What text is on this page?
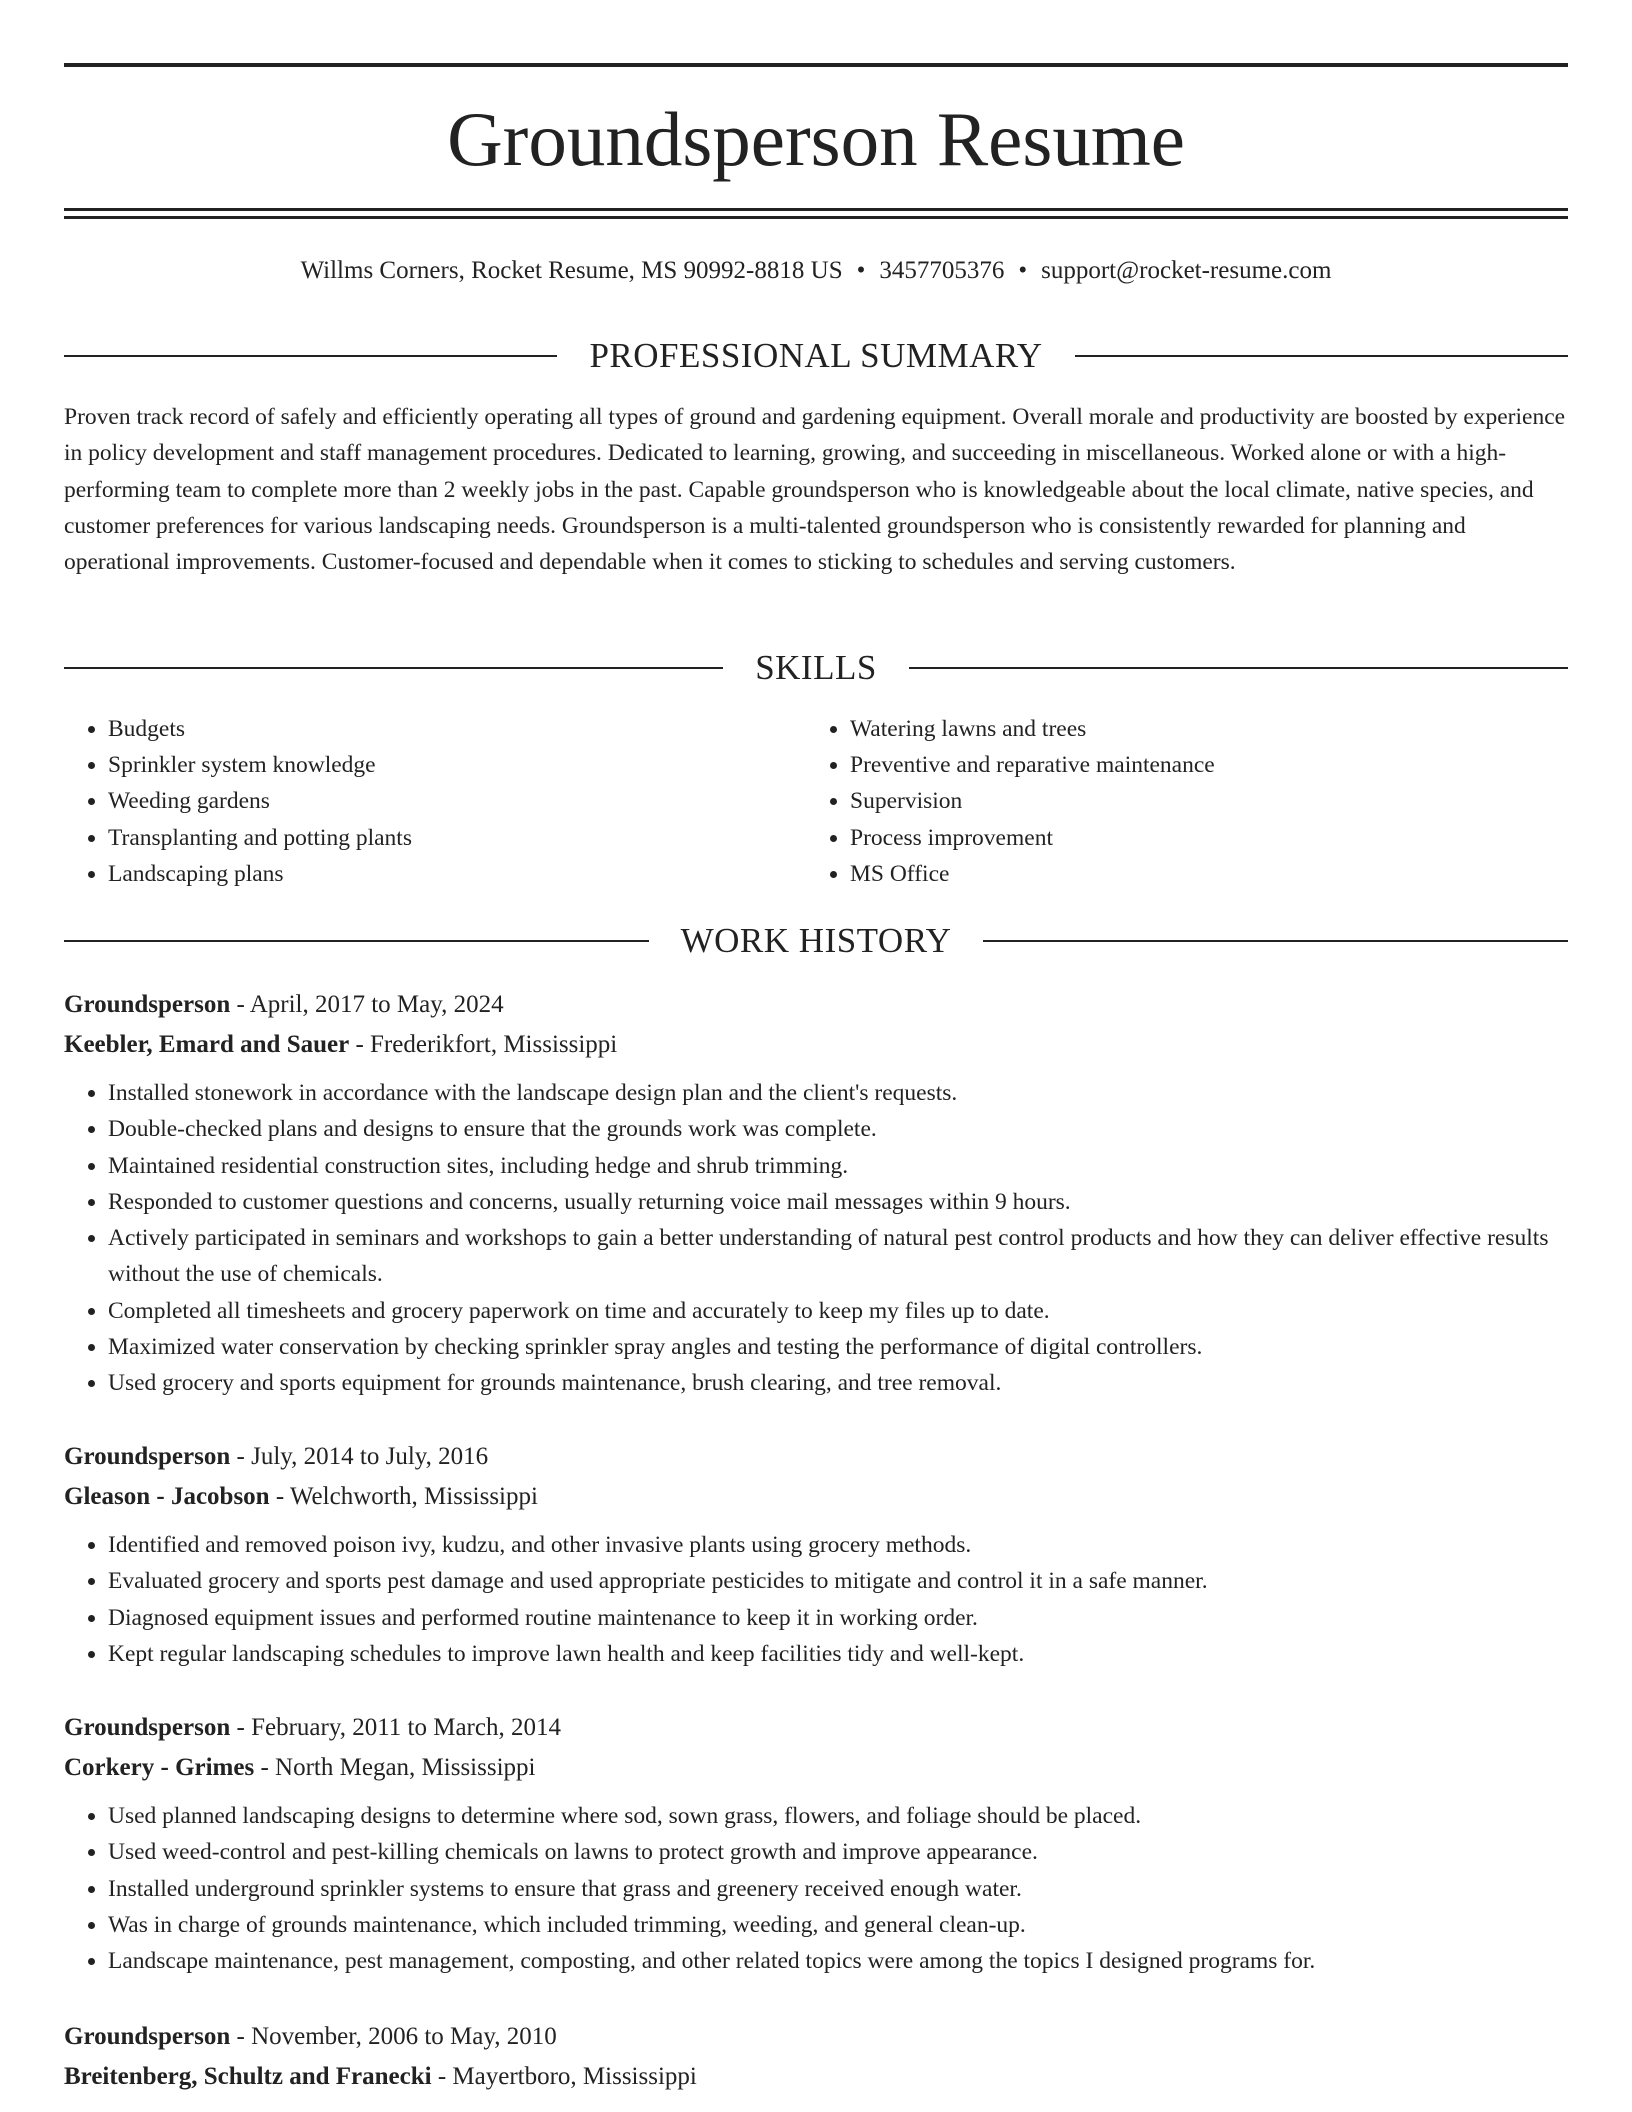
Groundsperson Resume
Willms Corners, Rocket Resume, MS 90992-8818 US • 3457705376 • support@rocket-resume.com
PROFESSIONAL SUMMARY

Proven track record of safely and efficiently operating all types of ground and gardening equipment. Overall morale and productivity are boosted by experience in policy development and staff management procedures. Dedicated to learning, growing, and succeeding in miscellaneous. Worked alone or with a high-performing team to complete more than 2 weekly jobs in the past. Capable groundsperson who is knowledgeable about the local climate, native species, and customer preferences for various landscaping needs. Groundsperson is a multi-talented groundsperson who is consistently rewarded for planning and operational improvements. Customer-focused and dependable when it comes to sticking to schedules and serving customers.

SKILLS
• Budgets
• Sprinkler system knowledge
• Weeding gardens
• Transplanting and potting plants
• Landscaping plans
• Watering lawns and trees
• Preventive and reparative maintenance
• Supervision
• Process improvement
• MS Office
WORK HISTORY
Groundsperson - April, 2017 to May, 2024
Keebler, Emard and Sauer - Frederikfort, Mississippi
• Installed stonework in accordance with the landscape design plan and the client's requests.
• Double-checked plans and designs to ensure that the grounds work was complete.
• Maintained residential construction sites, including hedge and shrub trimming.
• Responded to customer questions and concerns, usually returning voice mail messages within 9 hours.
• Actively participated in seminars and workshops to gain a better understanding of natural pest control products and how they can deliver effective results without the use of chemicals.
• Completed all timesheets and grocery paperwork on time and accurately to keep my files up to date.
• Maximized water conservation by checking sprinkler spray angles and testing the performance of digital controllers.
• Used grocery and sports equipment for grounds maintenance, brush clearing, and tree removal.
Groundsperson - July, 2014 to July, 2016
Gleason - Jacobson - Welchworth, Mississippi
• Identified and removed poison ivy, kudzu, and other invasive plants using grocery methods.
• Evaluated grocery and sports pest damage and used appropriate pesticides to mitigate and control it in a safe manner.
• Diagnosed equipment issues and performed routine maintenance to keep it in working order.
• Kept regular landscaping schedules to improve lawn health and keep facilities tidy and well-kept.
Groundsperson - February, 2011 to March, 2014
Corkery - Grimes - North Megan, Mississippi
• Used planned landscaping designs to determine where sod, sown grass, flowers, and foliage should be placed.
• Used weed-control and pest-killing chemicals on lawns to protect growth and improve appearance.
• Installed underground sprinkler systems to ensure that grass and greenery received enough water.
• Was in charge of grounds maintenance, which included trimming, weeding, and general clean-up.
• Landscape maintenance, pest management, composting, and other related topics were among the topics I designed programs for.
Groundsperson - November, 2006 to May, 2010
Breitenberg, Schultz and Franecki - Mayertboro, Mississippi
